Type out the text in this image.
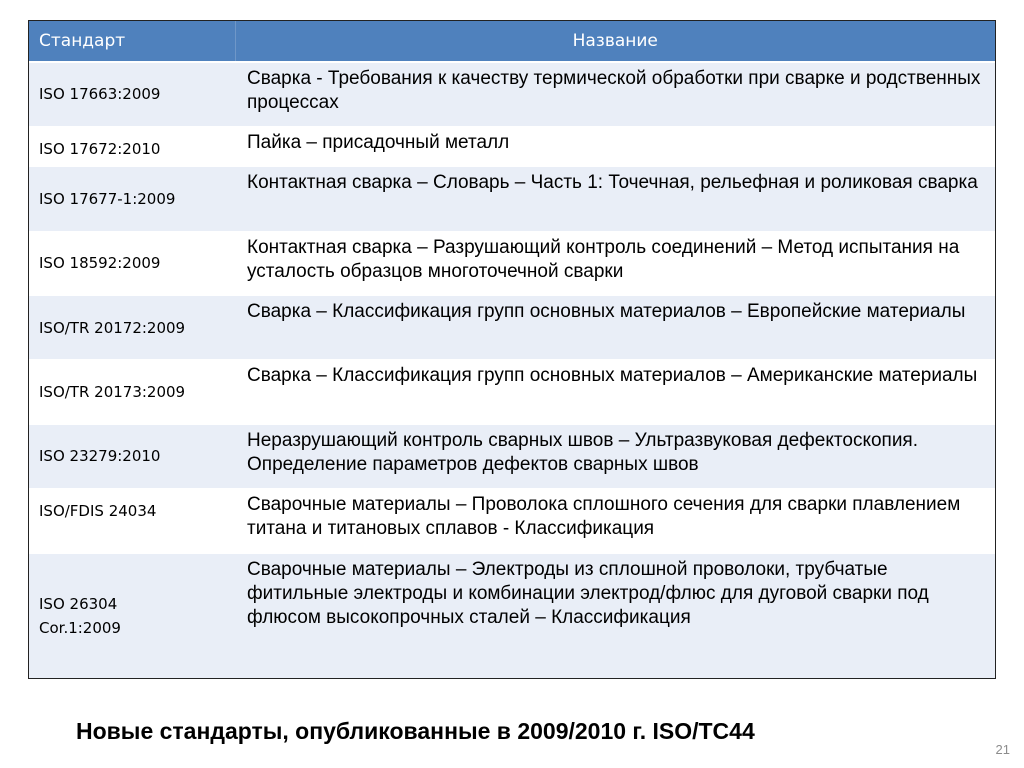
Стандарт	Название

ISO 17663:2009	Сварка - Требования к качеству термической обработки при сварке и родственных процессах

ISO 17672:2010	Пайка – присадочный металл

ISO 17677-1:2009	Контактная сварка – Словарь – Часть 1: Точечная, рельефная и роликовая сварка

ISO 18592:2009	Контактная сварка – Разрушающий контроль соединений – Метод испытания на усталость образцов многоточечной сварки

ISO/TR 20172:2009	Сварка – Классификация групп основных материалов – Европейские материалы

ISO/TR 20173:2009	Сварка – Классификация групп основных материалов – Американские материалы

ISO 23279:2010	Неразрушающий контроль сварных швов – Ультразвуковая дефектоскопия. Определение параметров дефектов сварных швов

ISO/FDIS 24034	Сварочные материалы – Проволока сплошного сечения для сварки плавлением титана и титановых сплавов - Классификация

ISO 26304
Cor.1:2009	Сварочные материалы – Электроды из сплошной проволоки, трубчатые фитильные электроды и комбинации электрод/флюс для дуговой сварки под флюсом высокопрочных сталей – Классификация
Новые стандарты, опубликованные в 2009/2010 г. ISO/TC44
21
